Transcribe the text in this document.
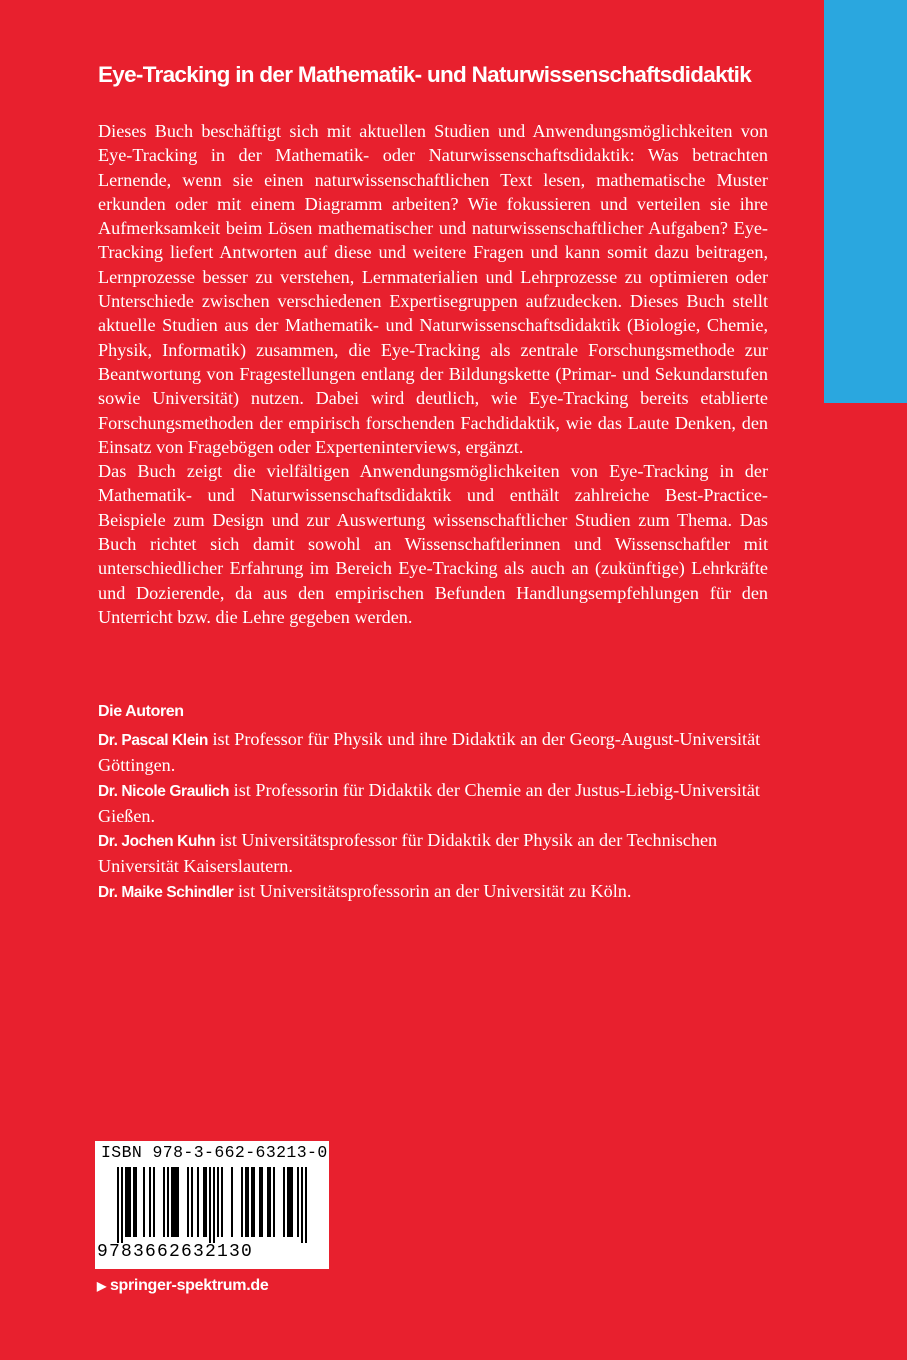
Eye-Tracking in der Mathematik- und Naturwissenschaftsdidaktik

Dieses Buch beschäftigt sich mit aktuellen Studien und Anwendungsmöglichkeiten von Eye-Tracking in der Mathematik- oder Naturwissenschaftsdidaktik: Was betrachten Lernende, wenn sie einen naturwissenschaftlichen Text lesen, mathematische Muster erkunden oder mit einem Diagramm arbeiten? Wie fokussieren und verteilen sie ihre Aufmerksamkeit beim Lösen mathematischer und naturwissenschaftlicher Aufgaben? Eye-Tracking liefert Antworten auf diese und weitere Fragen und kann somit dazu beitragen, Lernprozesse besser zu verstehen, Lernmaterialien und Lehrprozesse zu optimieren oder Unterschiede zwischen verschiedenen Expertisegruppen aufzudecken. Dieses Buch stellt aktuelle Studien aus der Mathematik- und Naturwissenschaftsdidaktik (Biologie, Chemie, Physik, Informatik) zusammen, die Eye-Tracking als zentrale Forschungsmethode zur Beantwortung von Fragestellungen entlang der Bildungskette (Primar- und Sekundarstufen sowie Universität) nutzen. Dabei wird deutlich, wie Eye-Tracking bereits etablierte Forschungsmethoden der empirisch forschenden Fachdidaktik, wie das Laute Denken, den Einsatz von Fragebögen oder Experteninterviews, ergänzt.

Das Buch zeigt die vielfältigen Anwendungsmöglichkeiten von Eye-Tracking in der Mathematik- und Naturwissenschaftsdidaktik und enthält zahlreiche Best-Practice-Beispiele zum Design und zur Auswertung wissenschaftlicher Studien zum Thema. Das Buch richtet sich damit sowohl an Wissenschaftlerinnen und Wissenschaftler mit unterschiedlicher Erfahrung im Bereich Eye-Tracking als auch an (zukünftige) Lehrkräfte und Dozierende, da aus den empirischen Befunden Handlungsempfehlungen für den Unterricht bzw. die Lehre gegeben werden.

Die Autoren

Dr. Pascal Klein ist Professor für Physik und ihre Didaktik an der Georg-August-Universität Göttingen.

Dr. Nicole Graulich ist Professorin für Didaktik der Chemie an der Justus-Liebig-Universität Gießen.

Dr. Jochen Kuhn ist Universitätsprofessor für Didaktik der Physik an der Technischen Universität Kaiserslautern.

Dr. Maike Schindler ist Universitätsprofessorin an der Universität zu Köln.

ISBN 978-3-662-63213-0
9783662632130
▶ springer-spektrum.de
